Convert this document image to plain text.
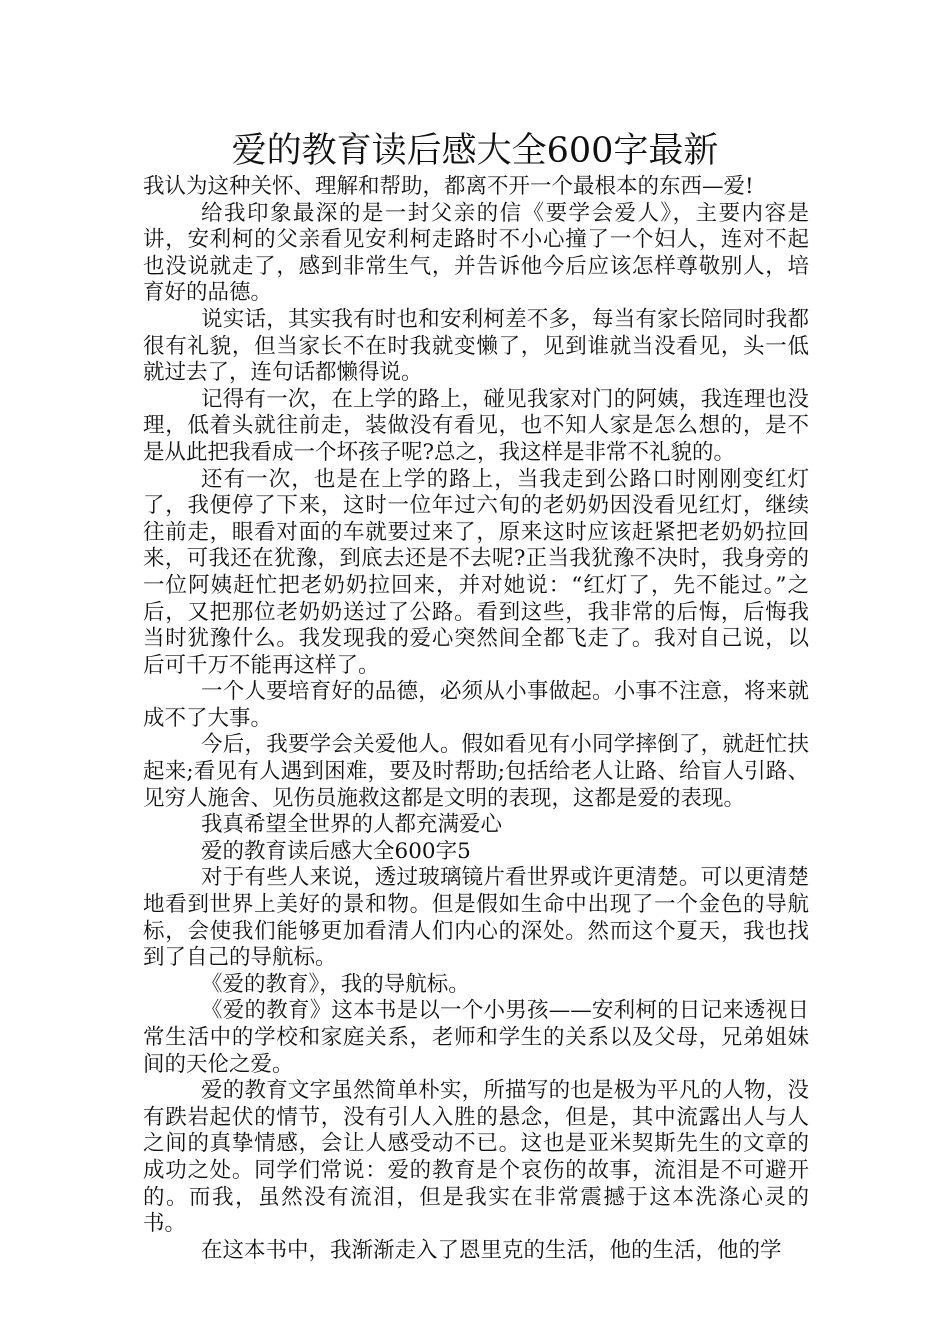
爱的教育读后感大全600字最新

我认为这种关怀、理解和帮助，都离不开一个最根本的东西—爱!

给我印象最深的是一封父亲的信《要学会爱人》，主要内容是讲，安利柯的父亲看见安利柯走路时不小心撞了一个妇人，连对不起也没说就走了，感到非常生气，并告诉他今后应该怎样尊敬别人，培育好的品德。

说实话，其实我有时也和安利柯差不多，每当有家长陪同时我都很有礼貌，但当家长不在时我就变懒了，见到谁就当没看见，头一低就过去了，连句话都懒得说。

记得有一次，在上学的路上，碰见我家对门的阿姨，我连理也没理，低着头就往前走，装做没有看见，也不知人家是怎么想的，是不是从此把我看成一个坏孩子呢?总之，我这样是非常不礼貌的。

还有一次，也是在上学的路上，当我走到公路口时刚刚变红灯了，我便停了下来，这时一位年过六旬的老奶奶因没看见红灯，继续往前走，眼看对面的车就要过来了，原来这时应该赶紧把老奶奶拉回来，可我还在犹豫，到底去还是不去呢?正当我犹豫不决时，我身旁的一位阿姨赶忙把老奶奶拉回来，并对她说：“红灯了，先不能过。”之后，又把那位老奶奶送过了公路。看到这些，我非常的后悔，后悔我当时犹豫什么。我发现我的爱心突然间全都飞走了。我对自己说，以后可千万不能再这样了。

一个人要培育好的品德，必须从小事做起。小事不注意，将来就成不了大事。

今后，我要学会关爱他人。假如看见有小同学摔倒了，就赶忙扶起来;看见有人遇到困难，要及时帮助;包括给老人让路、给盲人引路、见穷人施舍、见伤员施救这都是文明的表现，这都是爱的表现。

我真希望全世界的人都充满爱心

爱的教育读后感大全600字5

对于有些人来说，透过玻璃镜片看世界或许更清楚。可以更清楚地看到世界上美好的景和物。但是假如生命中出现了一个金色的导航标，会使我们能够更加看清人们内心的深处。然而这个夏天，我也找到了自己的导航标。

《爱的教育》，我的导航标。

《爱的教育》这本书是以一个小男孩——安利柯的日记来透视日常生活中的学校和家庭关系，老师和学生的关系以及父母，兄弟姐妹间的天伦之爱。

爱的教育文字虽然简单朴实，所描写的也是极为平凡的人物，没有跌岩起伏的情节，没有引人入胜的悬念，但是，其中流露出人与人之间的真挚情感，会让人感受动不已。这也是亚米契斯先生的文章的成功之处。同学们常说：爱的教育是个哀伤的故事，流泪是不可避开的。而我，虽然没有流泪，但是我实在非常震撼于这本洗涤心灵的书。

在这本书中，我渐渐走入了恩里克的生活，他的生活，他的学
